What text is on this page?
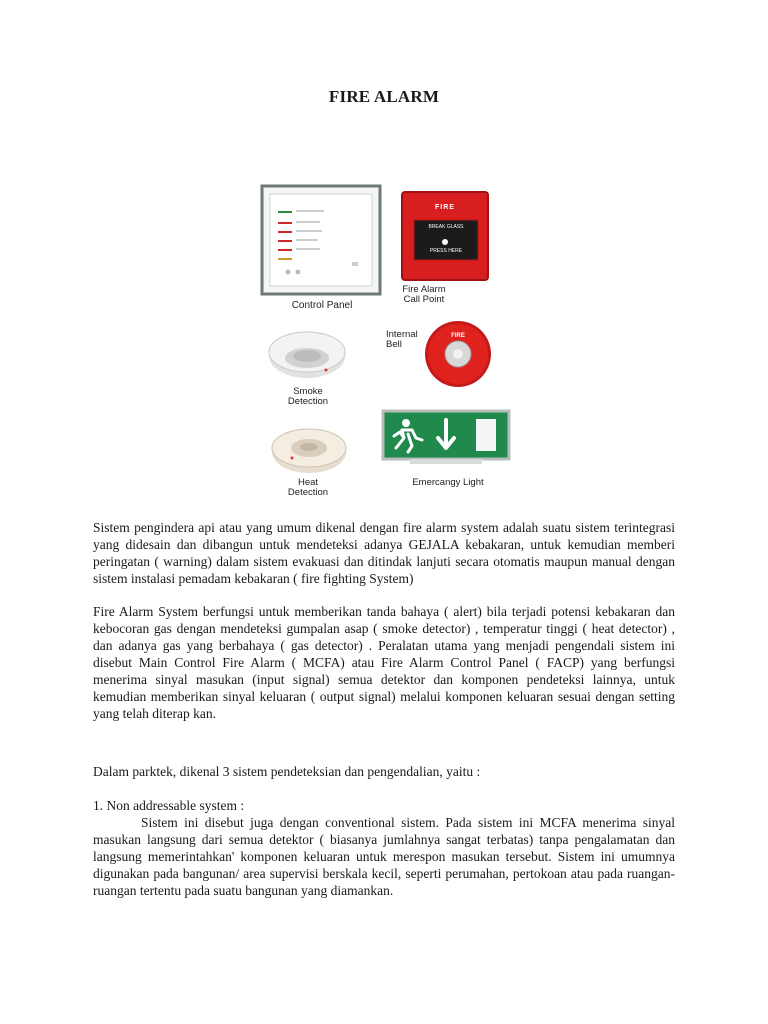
FIRE ALARM
Control Panel
FIRE
BREAK GLASS
PRESS HERE
Fire Alarm
Call Point
Smoke
Detection
Internal
Bell
FIRE
Heat
Detection
Emercangy Light

Sistem pengindera api atau yang umum dikenal dengan fire alarm system adalah suatu sistem terintegrasi yang didesain dan dibangun untuk mendeteksi adanya GEJALA kebakaran, untuk kemudian memberi peringatan ( warning) dalam sistem evakuasi dan ditindak lanjuti secara otomatis maupun manual dengan sistem instalasi pemadam kebakaran ( fire fighting System)

Fire Alarm System berfungsi untuk memberikan tanda bahaya ( alert) bila terjadi potensi kebakaran dan kebocoran gas dengan mendeteksi gumpalan asap ( smoke detector) , temperatur tinggi ( heat detector) , dan adanya gas yang berbahaya ( gas detector) . Peralatan utama yang menjadi pengendali sistem ini disebut Main Control Fire Alarm ( MCFA) atau Fire Alarm Control Panel ( FACP) yang berfungsi menerima sinyal masukan (input signal) semua detektor dan komponen pendeteksi lainnya, untuk kemudian memberikan sinyal keluaran ( output signal) melalui komponen keluaran sesuai dengan setting yang telah diterap kan.

Dalam parktek, dikenal 3 sistem pendeteksian dan pengendalian, yaitu :

1. Non addressable system :

Sistem ini disebut juga dengan conventional sistem. Pada sistem ini MCFA menerima sinyal masukan langsung dari semua detektor ( biasanya jumlahnya sangat terbatas) tanpa pengalamatan dan langsung memerintahkan' komponen keluaran untuk merespon masukan tersebut. Sistem ini umumnya digunakan pada bangunan/ area supervisi berskala kecil, seperti perumahan, pertokoan atau pada ruangan-ruangan tertentu pada suatu bangunan yang diamankan.
